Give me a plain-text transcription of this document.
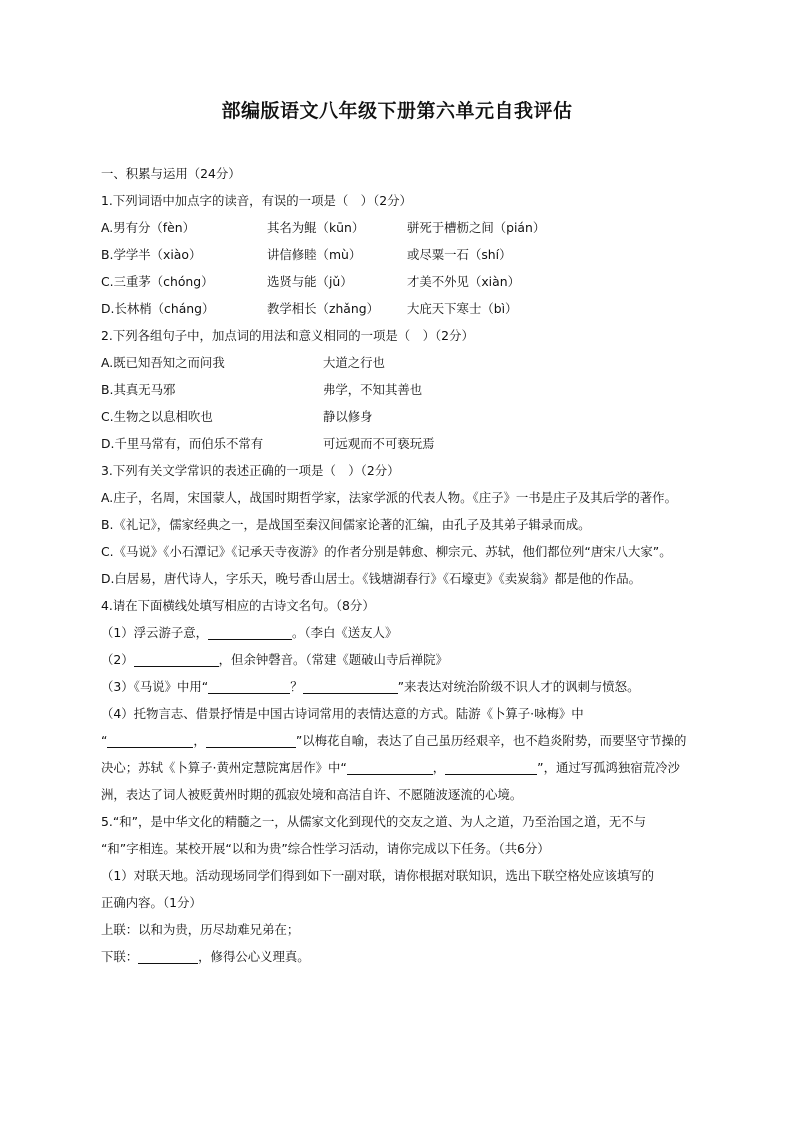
部编版语文八年级下册第六单元自我评估
一、积累与运用（24分）
1.下列词语中加点字的读音，有误的一项是（　）（2分）
A.男有分（fèn）	其名为鲲（kūn）	骈死于槽枥之间（pián）
B.学学半（xiào）	讲信修睦（mù）	或尽粟一石（shí）
C.三重茅（chóng）	选贤与能（jǔ）	才美不外见（xiàn）
D.长林梢（cháng）	教学相长（zhǎng）	大庇天下寒士（bì）
2.下列各组句子中，加点词的用法和意义相同的一项是（　）（2分）
A.既已知吾知之而问我	大道之行也
B.其真无马邪	弗学，不知其善也
C.生物之以息相吹也	静以修身
D.千里马常有，而伯乐不常有	可远观而不可亵玩焉
3.下列有关文学常识的表述正确的一项是（　）（2分）
A.庄子，名周，宋国蒙人，战国时期哲学家，法家学派的代表人物。《庄子》一书是庄子及其后学的著作。
B.《礼记》，儒家经典之一，是战国至秦汉间儒家论著的汇编，由孔子及其弟子辑录而成。
C.《马说》《小石潭记》《记承天寺夜游》的作者分别是韩愈、柳宗元、苏轼，他们都位列“唐宋八大家”。
D.白居易，唐代诗人，字乐天，晚号香山居士。《钱塘湖春行》《石壕吏》《卖炭翁》都是他的作品。
4.请在下面横线处填写相应的古诗文名句。（8分）
（1）浮云游子意，	。（李白《送友人》
（2）	，但余钟磬音。（常建《题破山寺后禅院》
（3）《马说》中用“	？	”来表达对统治阶级不识人才的讽刺与愤怒。
（4）托物言志、借景抒情是中国古诗词常用的表情达意的方式。陆游《卜算子·咏梅》中
“	，	”以梅花自喻，表达了自己虽历经艰辛，也不趋炎附势，而要坚守节操的
决心；苏轼《卜算子·黄州定慧院寓居作》中“	，	”，通过写孤鸿独宿荒冷沙
洲，表达了词人被贬黄州时期的孤寂处境和高洁自许、不愿随波逐流的心境。
5.“和”，是中华文化的精髓之一，从儒家文化到现代的交友之道、为人之道，乃至治国之道，无不与
“和”字相连。某校开展“以和为贵”综合性学习活动，请你完成以下任务。（共6分）
（1）对联天地。活动现场同学们得到如下一副对联，请你根据对联知识，选出下联空格处应该填写的
正确内容。（1分）
上联：以和为贵，历尽劫难兄弟在；
下联：	，修得公心义理真。
